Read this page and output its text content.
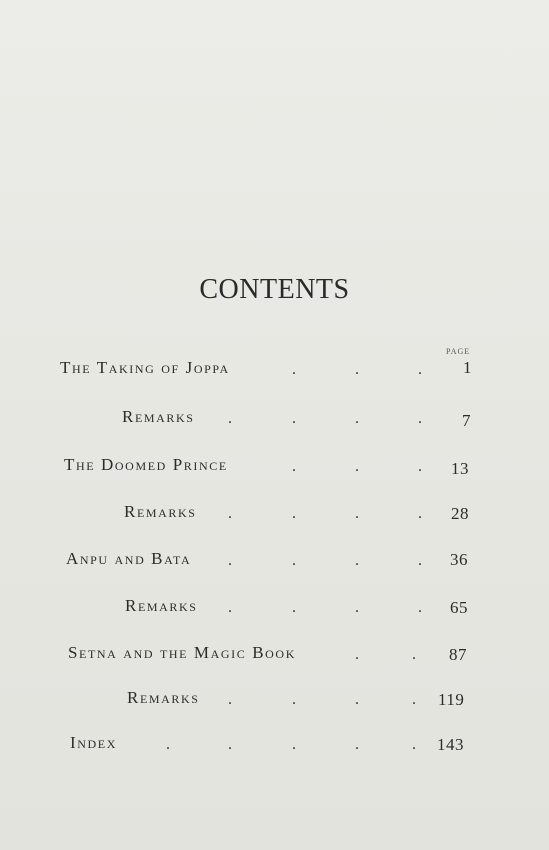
CONTENTS
PAGE
The Taking of Joppa	.	.	. 1
Remarks .	.	.	. 7
The Doomed Prince	.	.	. 13
Remarks .	.	.	. 28
Anpu and Bata .	.	.	. 36
Remarks .	.	.	. 65
Setna and the Magic Book	.	. 87
Remarks .	.	.	. 119
Index	.	.	.	.	. 143
